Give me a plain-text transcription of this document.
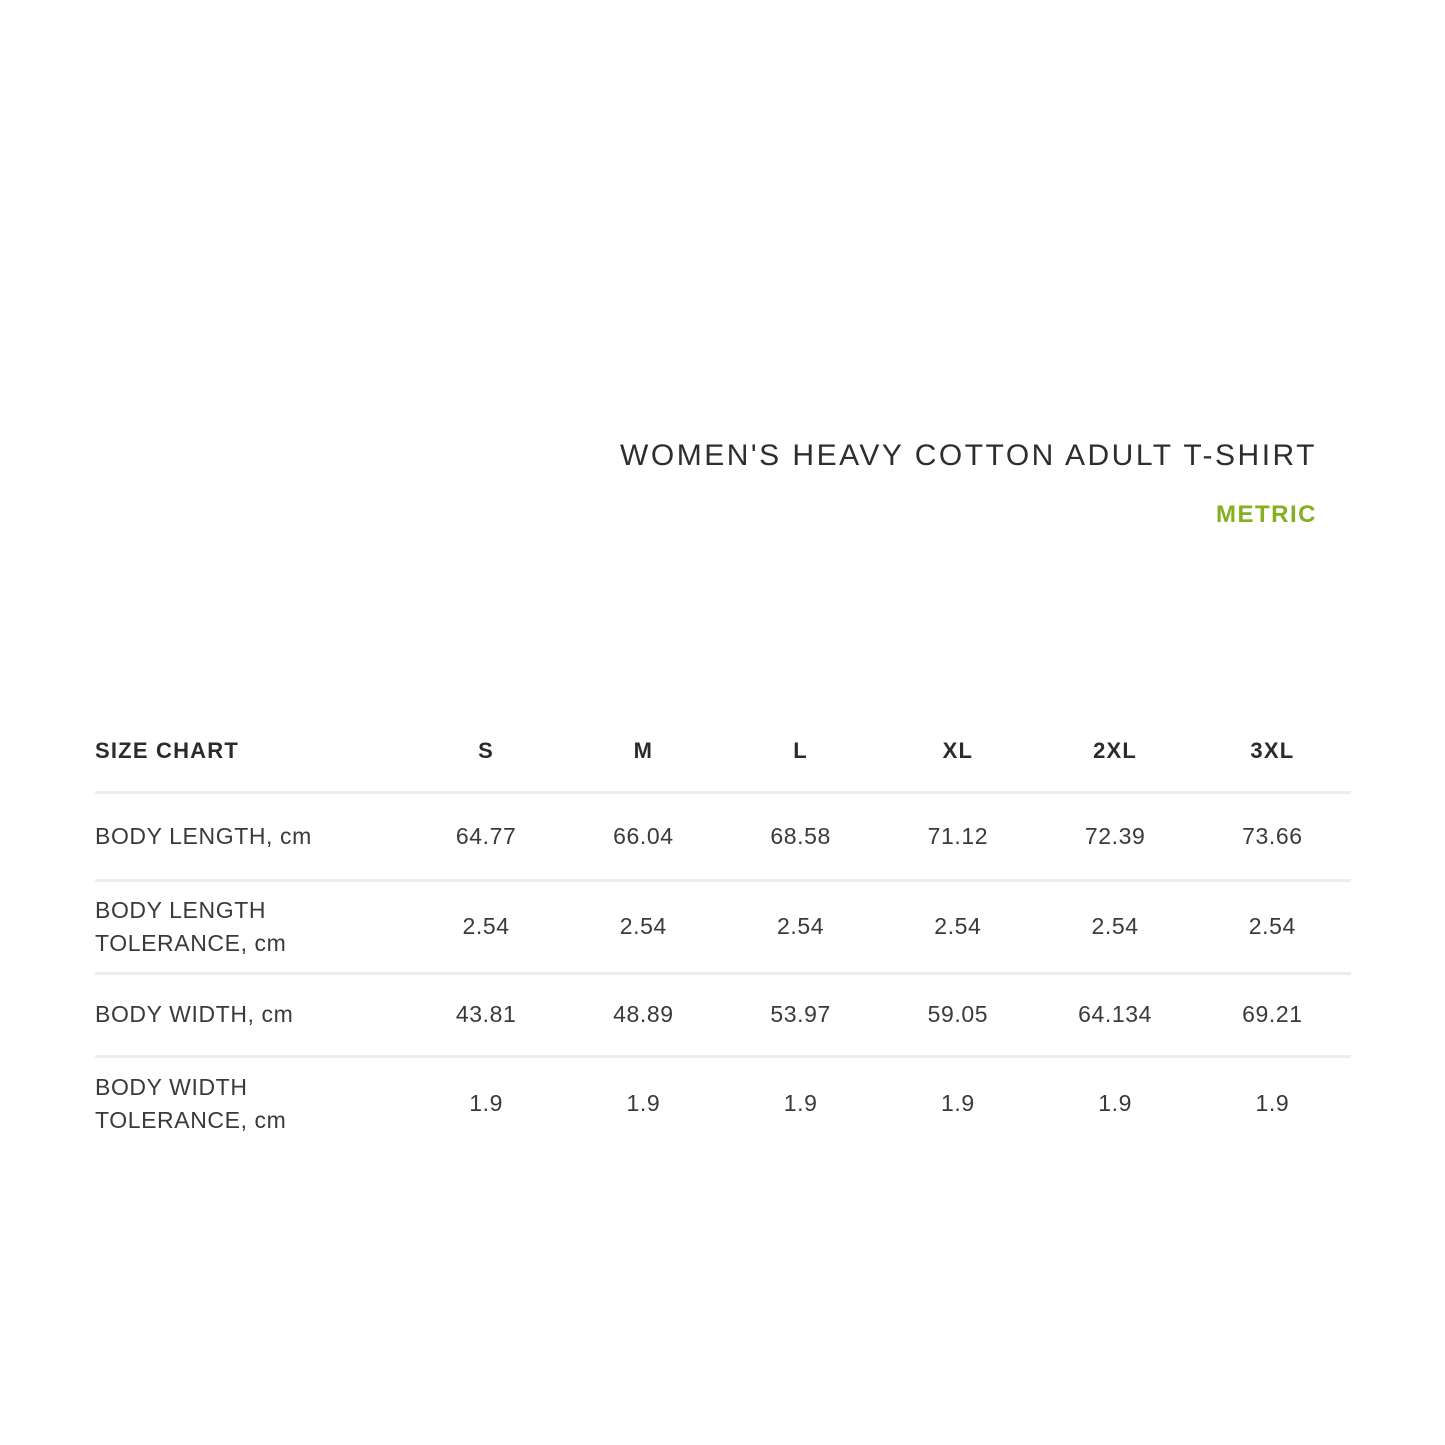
WOMEN'S HEAVY COTTON ADULT T-SHIRT
METRIC
SIZE CHART	S	M	L	XL	2XL	3XL
BODY LENGTH, cm	64.77	66.04	68.58	71.12	72.39	73.66
BODY LENGTH TOLERANCE, cm	2.54	2.54	2.54	2.54	2.54	2.54
BODY WIDTH, cm	43.81	48.89	53.97	59.05	64.134	69.21
BODY WIDTH TOLERANCE, cm	1.9	1.9	1.9	1.9	1.9	1.9
